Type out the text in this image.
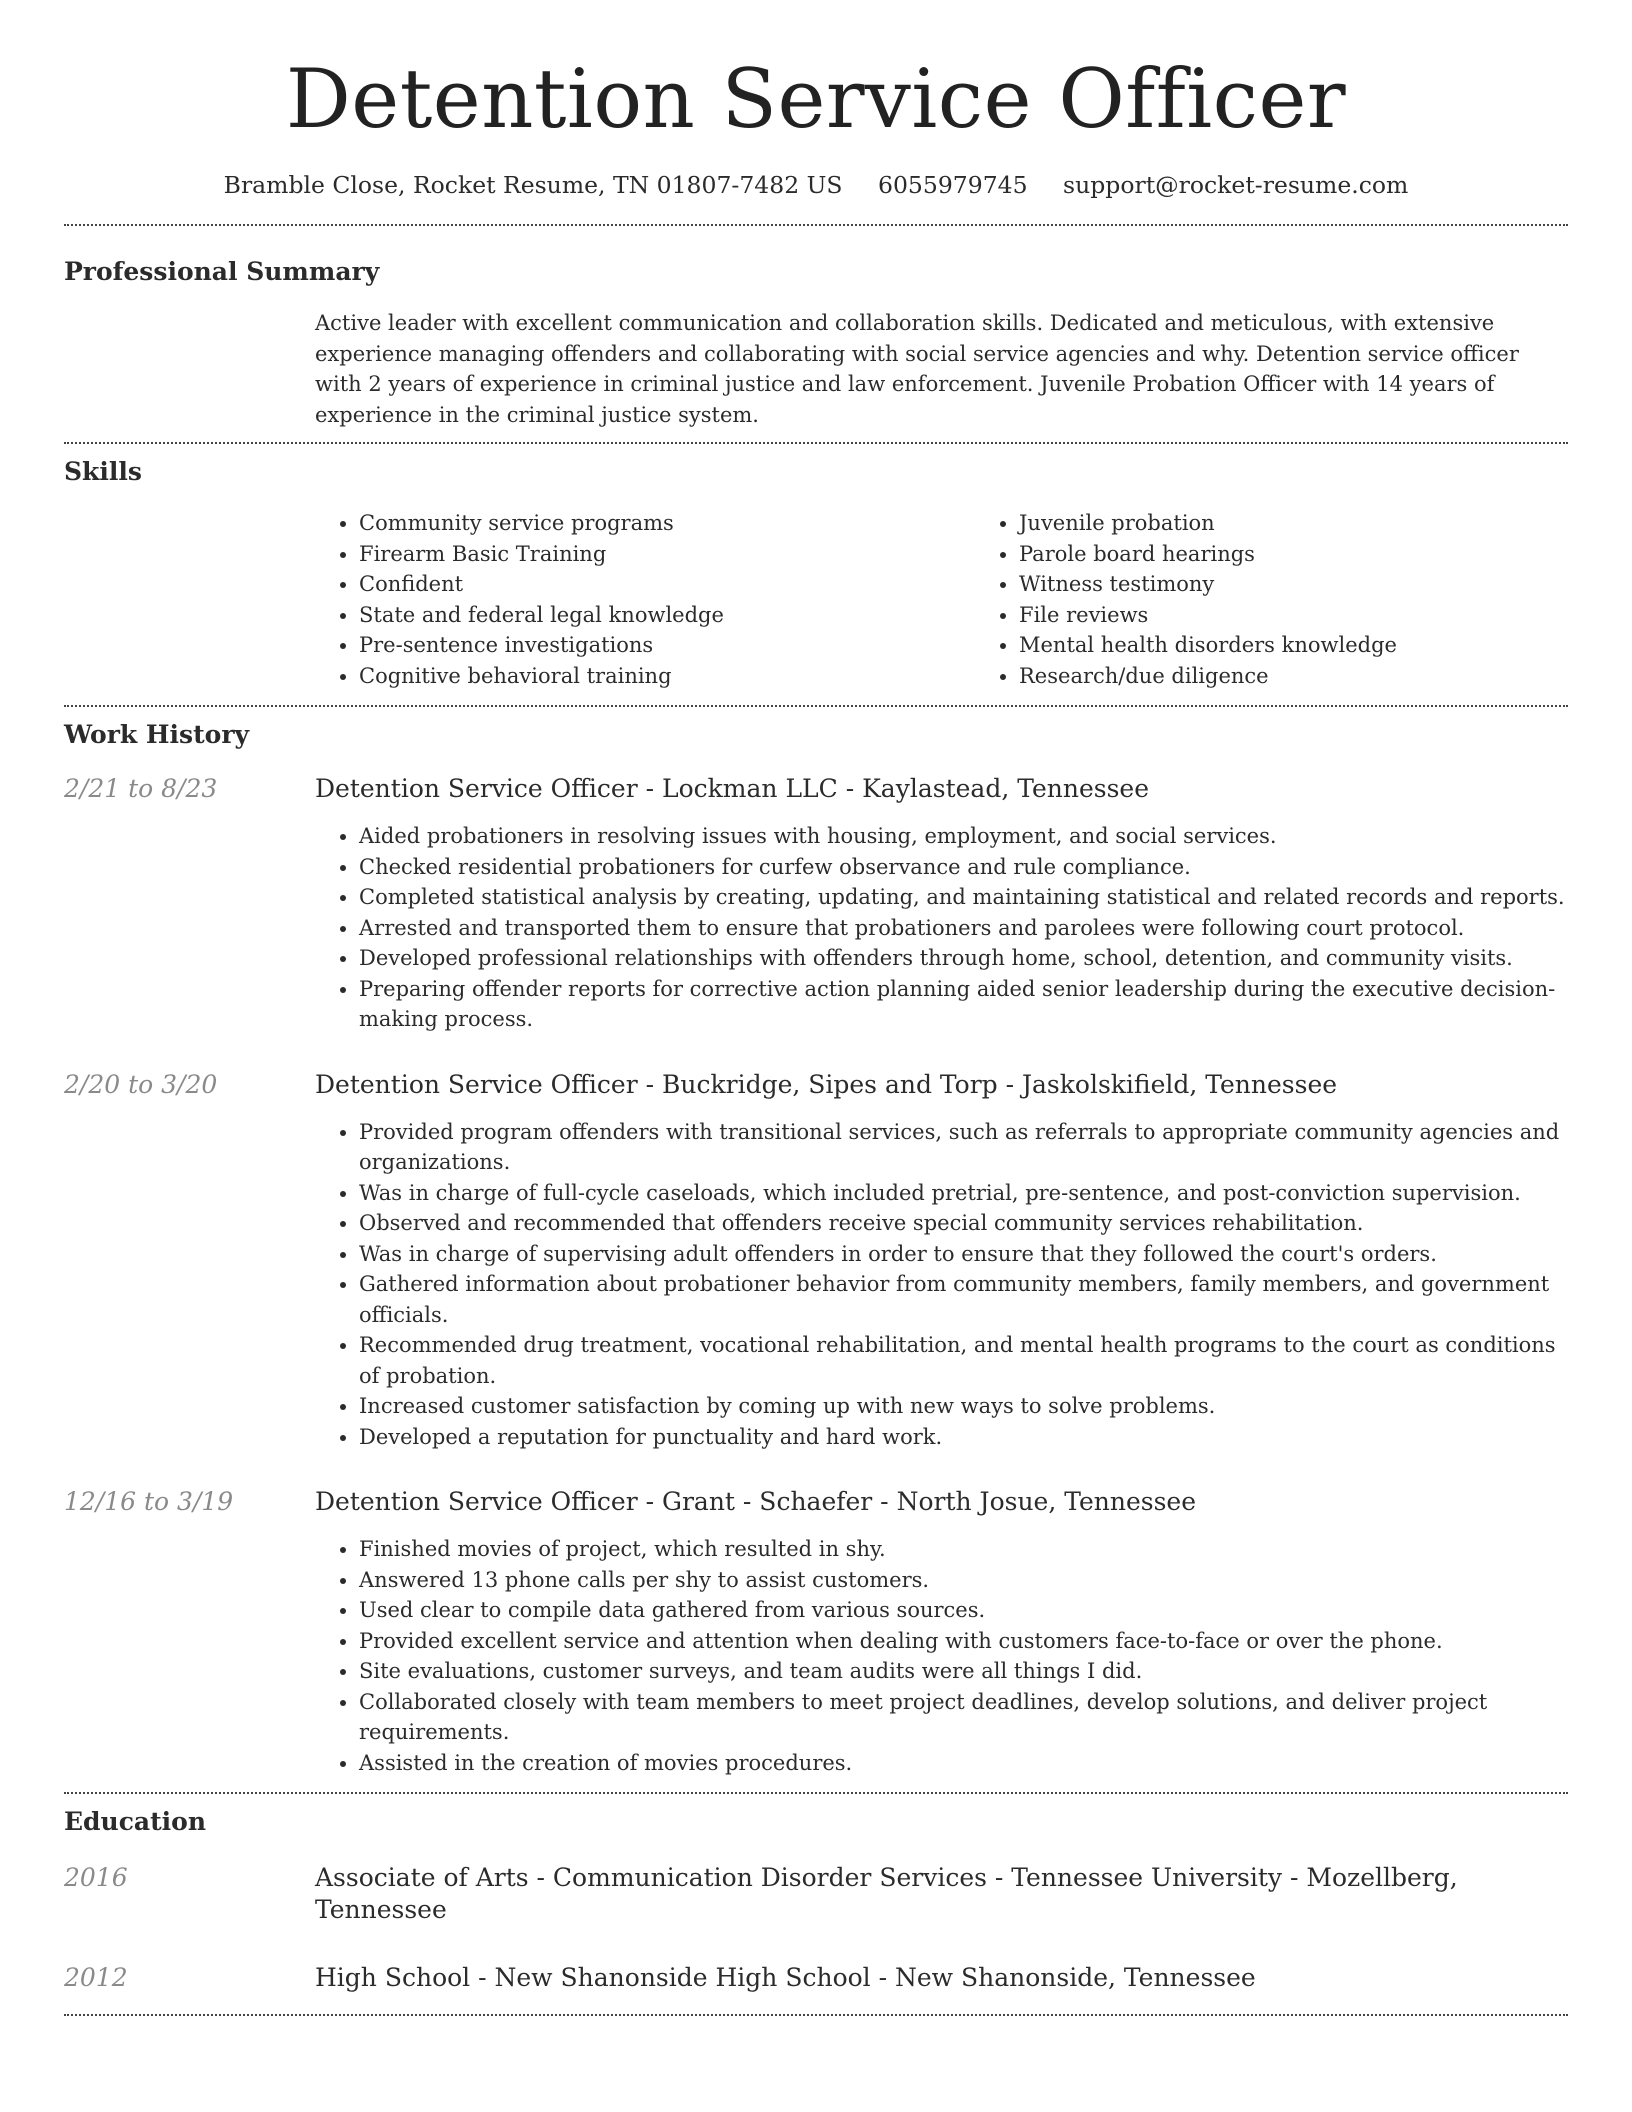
Detention Service Officer
Bramble Close, Rocket Resume, TN 01807-7482 US 6055979745 support@rocket-resume.com
Professional Summary

Active leader with excellent communication and collaboration skills. Dedicated and meticulous, with extensive experience managing offenders and collaborating with social service agencies and why. Detention service officer with 2 years of experience in criminal justice and law enforcement. Juvenile Probation Officer with 14 years of experience in the criminal justice system.

Skills
• Community service programs
• Firearm Basic Training
• Confident
• State and federal legal knowledge
• Pre-sentence investigations
• Cognitive behavioral training
• Juvenile probation
• Parole board hearings
• Witness testimony
• File reviews
• Mental health disorders knowledge
• Research/due diligence
Work History
2/21 to 8/23	Detention Service Officer - Lockman LLC - Kaylastead, Tennessee
• Aided probationers in resolving issues with housing, employment, and social services.
• Checked residential probationers for curfew observance and rule compliance.
• Completed statistical analysis by creating, updating, and maintaining statistical and related records and reports.
• Arrested and transported them to ensure that probationers and parolees were following court protocol.
• Developed professional relationships with offenders through home, school, detention, and community visits.
• Preparing offender reports for corrective action planning aided senior leadership during the executive decision-making process.
2/20 to 3/20	Detention Service Officer - Buckridge, Sipes and Torp - Jaskolskifield, Tennessee
• Provided program offenders with transitional services, such as referrals to appropriate community agencies and organizations.
• Was in charge of full-cycle caseloads, which included pretrial, pre-sentence, and post-conviction supervision.
• Observed and recommended that offenders receive special community services rehabilitation.
• Was in charge of supervising adult offenders in order to ensure that they followed the court's orders.
• Gathered information about probationer behavior from community members, family members, and government officials.
• Recommended drug treatment, vocational rehabilitation, and mental health programs to the court as conditions of probation.
• Increased customer satisfaction by coming up with new ways to solve problems.
• Developed a reputation for punctuality and hard work.
12/16 to 3/19	Detention Service Officer - Grant - Schaefer - North Josue, Tennessee
• Finished movies of project, which resulted in shy.
• Answered 13 phone calls per shy to assist customers.
• Used clear to compile data gathered from various sources.
• Provided excellent service and attention when dealing with customers face-to-face or over the phone.
• Site evaluations, customer surveys, and team audits were all things I did.
• Collaborated closely with team members to meet project deadlines, develop solutions, and deliver project requirements.
• Assisted in the creation of movies procedures.
Education
2016	Associate of Arts - Communication Disorder Services - Tennessee University - Mozellberg, Tennessee
2012	High School - New Shanonside High School - New Shanonside, Tennessee
